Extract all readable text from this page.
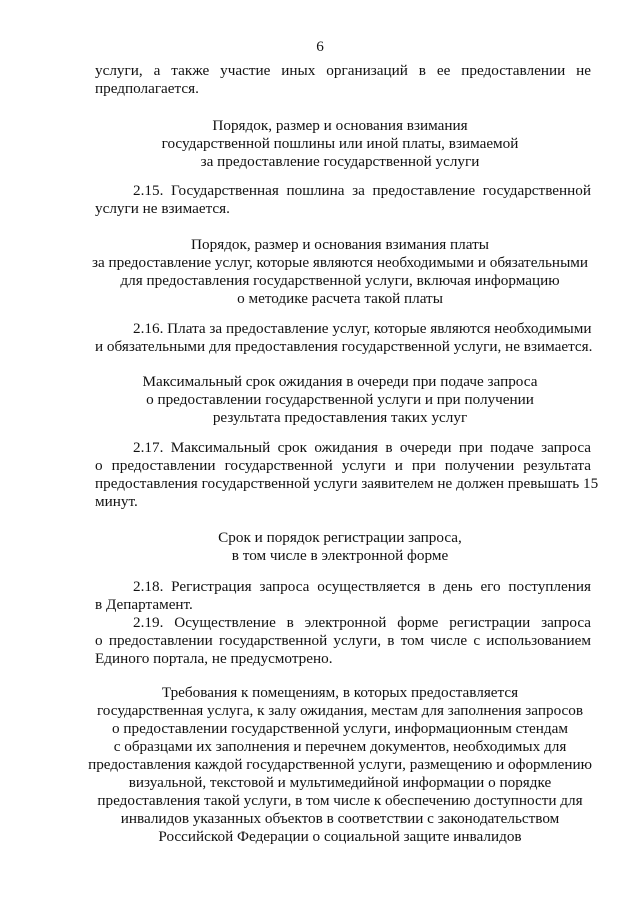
6
услуги, а также участие иных организаций в ее предоставлении не
предполагается.
Порядок, размер и основания взимания
государственной пошлины или иной платы, взимаемой
за предоставление государственной услуги
2.15. Государственная пошлина за предоставление государственной
услуги не взимается.
Порядок, размер и основания взимания платы
за предоставление услуг, которые являются необходимыми и обязательными
для предоставления государственной услуги, включая информацию
о методике расчета такой платы
2.16. Плата за предоставление услуг, которые являются необходимыми
и обязательными для предоставления государственной услуги, не взимается.
Максимальный срок ожидания в очереди при подаче запроса
о предоставлении государственной услуги и при получении
результата предоставления таких услуг
2.17. Максимальный срок ожидания в очереди при подаче запроса
о предоставлении государственной услуги и при получении результата
предоставления государственной услуги заявителем не должен превышать 15
минут.
Срок и порядок регистрации запроса,
в том числе в электронной форме
2.18. Регистрация запроса осуществляется в день его поступления
в Департамент.
2.19. Осуществление в электронной форме регистрации запроса
о предоставлении государственной услуги, в том числе с использованием
Единого портала, не предусмотрено.
Требования к помещениям, в которых предоставляется
государственная услуга, к залу ожидания, местам для заполнения запросов
о предоставлении государственной услуги, информационным стендам
с образцами их заполнения и перечнем документов, необходимых для
предоставления каждой государственной услуги, размещению и оформлению
визуальной, текстовой и мультимедийной информации о порядке
предоставления такой услуги, в том числе к обеспечению доступности для
инвалидов указанных объектов в соответствии с законодательством
Российской Федерации о социальной защите инвалидов
